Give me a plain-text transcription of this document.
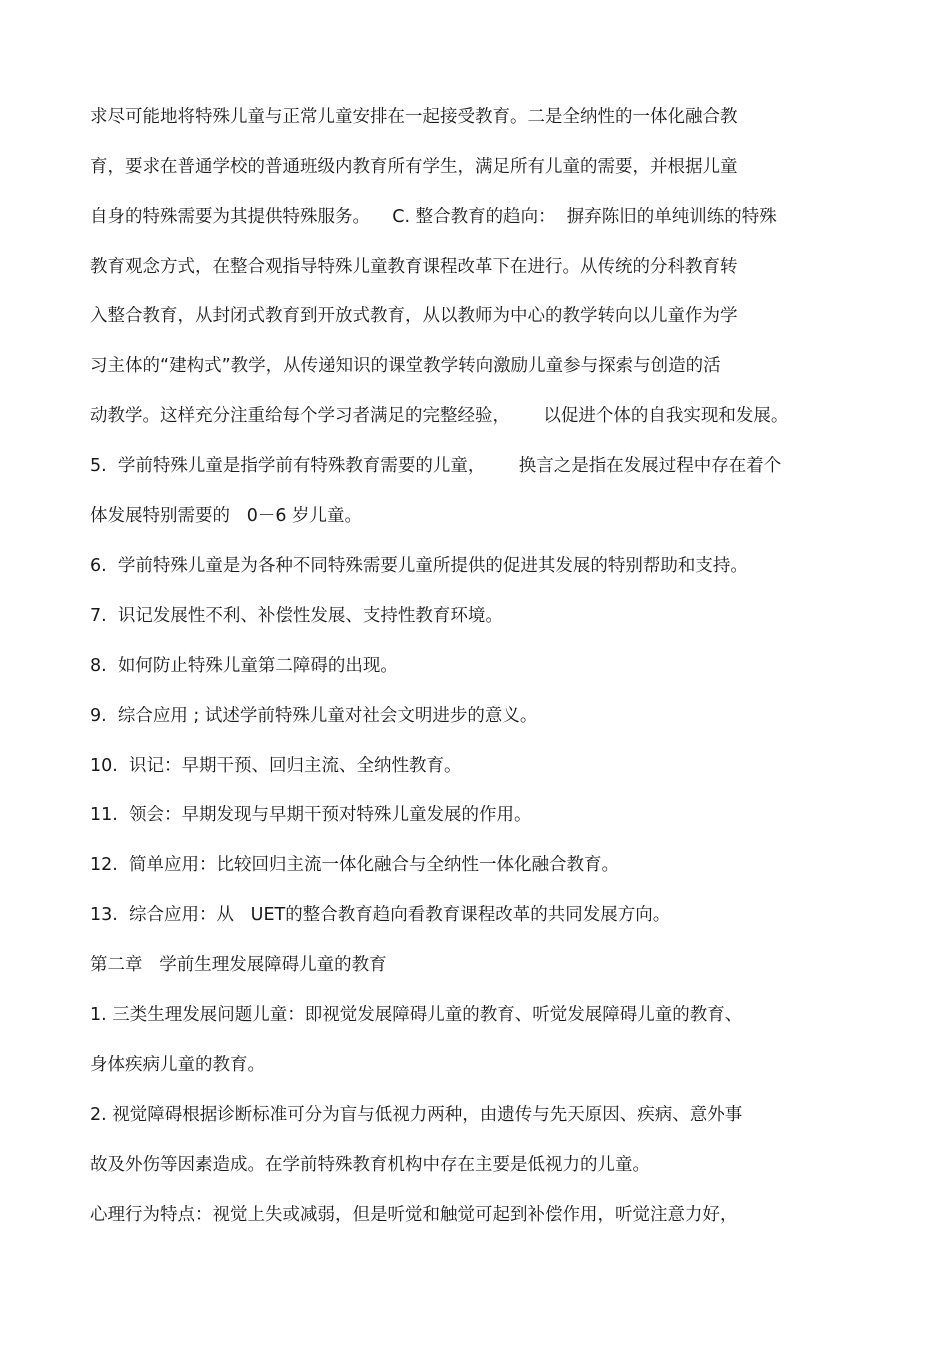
求尽可能地将特殊儿童与正常儿童安排在一起接受教育。二是全纳性的一体化融合教
育，要求在普通学校的普通班级内教育所有学生，满足所有儿童的需要，并根据儿童
自身的特殊需要为其提供特殊服务。    C. 整合教育的趋向：  摒弃陈旧的单纯训练的特殊
教育观念方式，在整合观指导特殊儿童教育课程改革下在进行。从传统的分科教育转
入整合教育，从封闭式教育到开放式教育，从以教师为中心的教学转向以儿童作为学
习主体的“建构式”教学，从传递知识的课堂教学转向激励儿童参与探索与创造的活
动教学。这样充分注重给每个学习者满足的完整经验，      以促进个体的自我实现和发展。
5.  学前特殊儿童是指学前有特殊教育需要的儿童，      换言之是指在发展过程中存在着个
体发展特别需要的   0－6 岁儿童。
6.  学前特殊儿童是为各种不同特殊需要儿童所提供的促进其发展的特别帮助和支持。
7.  识记发展性不利、补偿性发展、支持性教育环境。
8.  如何防止特殊儿童第二障碍的出现。
9.  综合应用 ; 试述学前特殊儿童对社会文明进步的意义。
10.  识记：早期干预、回归主流、全纳性教育。
11.  领会：早期发现与早期干预对特殊儿童发展的作用。
12.  简单应用：比较回归主流一体化融合与全纳性一体化融合教育。
13.  综合应用：从   UET的整合教育趋向看教育课程改革的共同发展方向。
第二章   学前生理发展障碍儿童的教育
1. 三类生理发展问题儿童：即视觉发展障碍儿童的教育、听觉发展障碍儿童的教育、
身体疾病儿童的教育。
2. 视觉障碍根据诊断标准可分为盲与低视力两种，由遗传与先天原因、疾病、意外事
故及外伤等因素造成。在学前特殊教育机构中存在主要是低视力的儿童。
心理行为特点：视觉上失或减弱，但是听觉和触觉可起到补偿作用，听觉注意力好，
